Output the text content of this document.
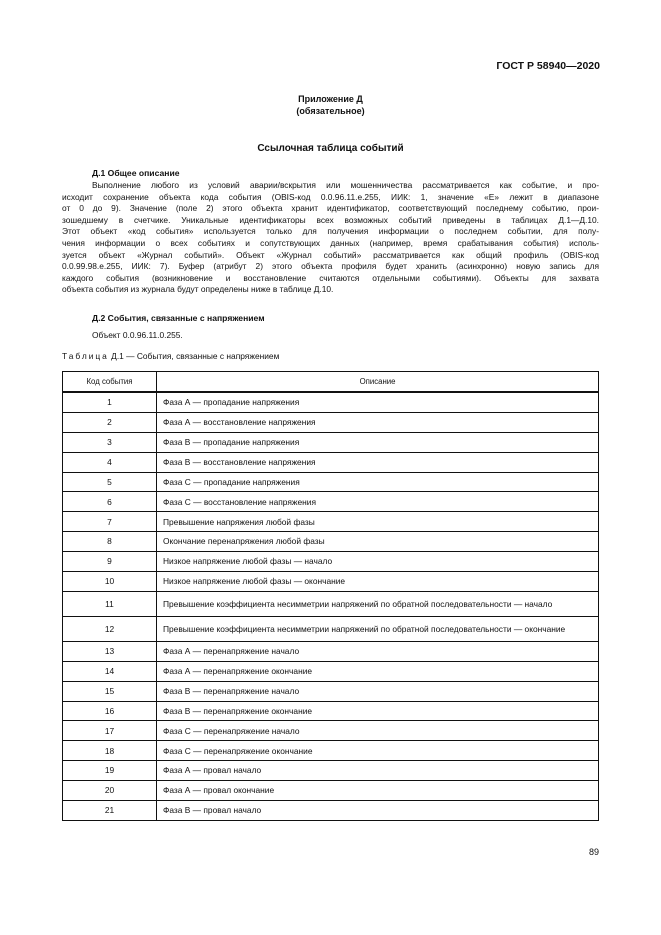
ГОСТ Р 58940—2020
Приложение Д
(обязательное)
Ссылочная таблица событий
Д.1 Общее описание

Выполнение любого из условий аварии/вскрытия или мошенничества рассматривается как событие, и про-

исходит сохранение объекта кода события (OBIS-код 0.0.96.11.e.255, ИИК: 1, значение «E» лежит в диапазоне

от 0 до 9). Значение (поле 2) этого объекта хранит идентификатор, соответствующий последнему событию, прои-

зошедшему в счетчике. Уникальные идентификаторы всех возможных событий приведены в таблицах Д.1—Д.10.

Этот объект «код события» используется только для получения информации о последнем событии, для полу-

чения информации о всех событиях и сопутствующих данных (например, время срабатывания события) исполь-

зуется объект «Журнал событий». Объект «Журнал событий» рассматривается как общий профиль (OBIS-код

0.0.99.98.e.255, ИИК: 7). Буфер (атрибут 2) этого объекта профиля будет хранить (асинхронно) новую запись для

каждого события (возникновение и восстановление считаются отдельными событиями). Объекты для захвата

объекта события из журнала будут определены ниже в таблице Д.10.

Д.2 События, связанные с напряжением
Объект 0.0.96.11.0.255.
Таблица Д.1 — События, связанные с напряжением
Код события	Описание
1	Фаза А — пропадание напряжения
2	Фаза А — восстановление напряжения
3	Фаза В — пропадание напряжения
4	Фаза В — восстановление напряжения
5	Фаза С — пропадание напряжения
6	Фаза С — восстановление напряжения
7	Превышение напряжения любой фазы
8	Окончание перенапряжения любой фазы
9	Низкое напряжение любой фазы — начало
10	Низкое напряжение любой фазы — окончание
11	Превышение коэффициента несимметрии напряжений по обратной последовательности — начало
12	Превышение коэффициента несимметрии напряжений по обратной последовательности — окончание
13	Фаза А — перенапряжение начало
14	Фаза А — перенапряжение окончание
15	Фаза В — перенапряжение начало
16	Фаза В — перенапряжение окончание
17	Фаза С — перенапряжение начало
18	Фаза С — перенапряжение окончание
19	Фаза А — провал начало
20	Фаза А — провал окончание
21	Фаза В — провал начало
89
